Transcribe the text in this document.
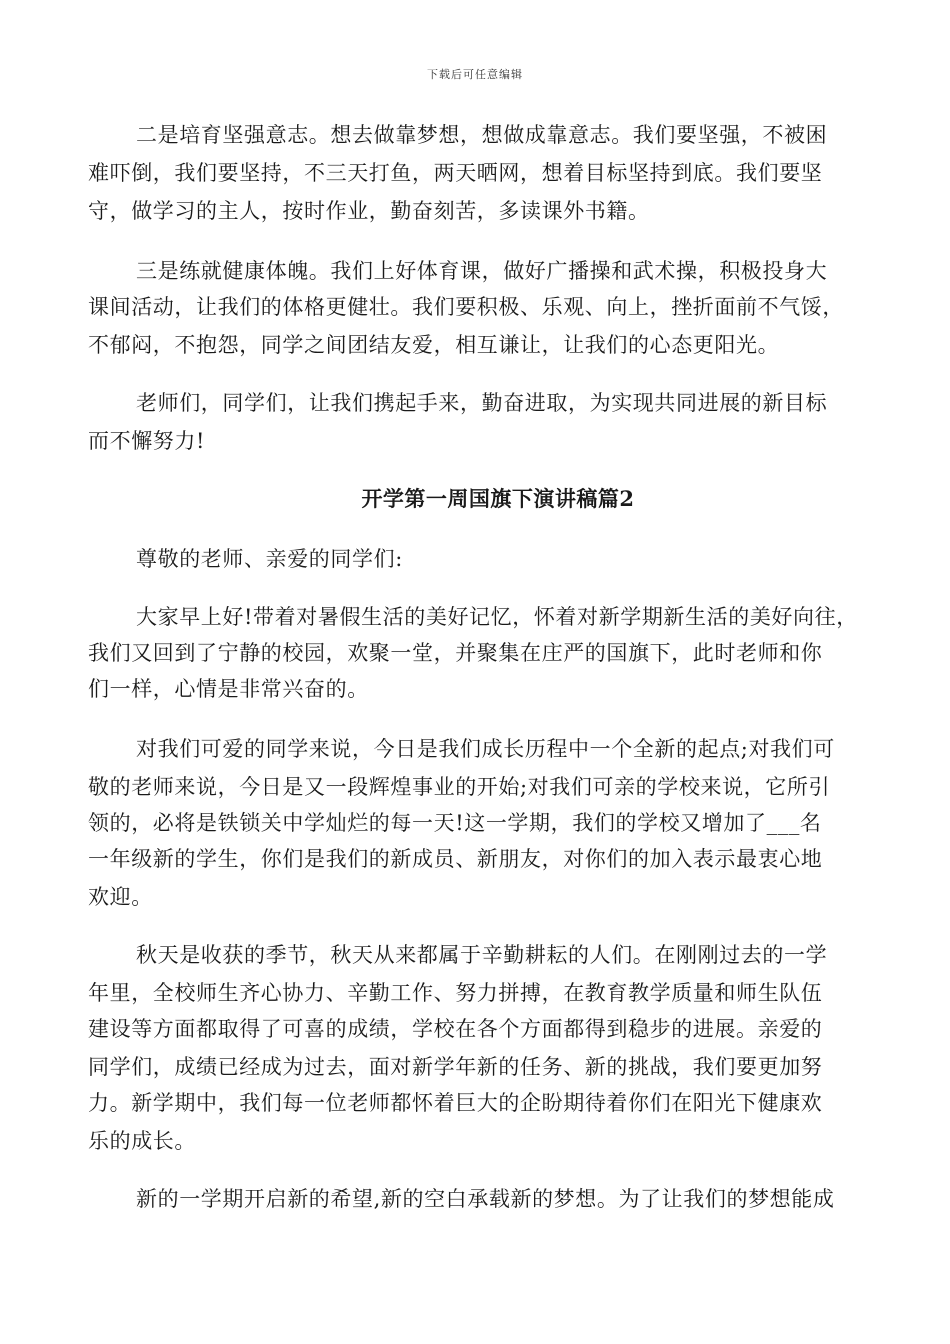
下载后可任意编辑
二是培育坚强意志。想去做靠梦想，想做成靠意志。我们要坚强，不被困
难吓倒，我们要坚持，不三天打鱼，两天晒网，想着目标坚持到底。我们要坚
守，做学习的主人，按时作业，勤奋刻苦，多读课外书籍。
三是练就健康体魄。我们上好体育课，做好广播操和武术操，积极投身大
课间活动，让我们的体格更健壮。我们要积极、乐观、向上，挫折面前不气馁，
不郁闷，不抱怨，同学之间团结友爱，相互谦让，让我们的心态更阳光。
老师们，同学们，让我们携起手来，勤奋进取，为实现共同进展的新目标
而不懈努力!
开学第一周国旗下演讲稿篇2
尊敬的老师、亲爱的同学们:
大家早上好!带着对暑假生活的美好记忆，怀着对新学期新生活的美好向往，
我们又回到了宁静的校园，欢聚一堂，并聚集在庄严的国旗下，此时老师和你
们一样，心情是非常兴奋的。
对我们可爱的同学来说，今日是我们成长历程中一个全新的起点;对我们可
敬的老师来说，今日是又一段辉煌事业的开始;对我们可亲的学校来说，它所引
领的，必将是铁锁关中学灿烂的每一天!这一学期，我们的学校又增加了___名
一年级新的学生，你们是我们的新成员、新朋友，对你们的加入表示最衷心地
欢迎。
秋天是收获的季节，秋天从来都属于辛勤耕耘的人们。在刚刚过去的一学
年里，全校师生齐心协力、辛勤工作、努力拼搏，在教育教学质量和师生队伍
建设等方面都取得了可喜的成绩，学校在各个方面都得到稳步的进展。亲爱的
同学们，成绩已经成为过去，面对新学年新的任务、新的挑战，我们要更加努
力。新学期中，我们每一位老师都怀着巨大的企盼期待着你们在阳光下健康欢
乐的成长。
新的一学期开启新的希望,新的空白承载新的梦想。为了让我们的梦想能成
